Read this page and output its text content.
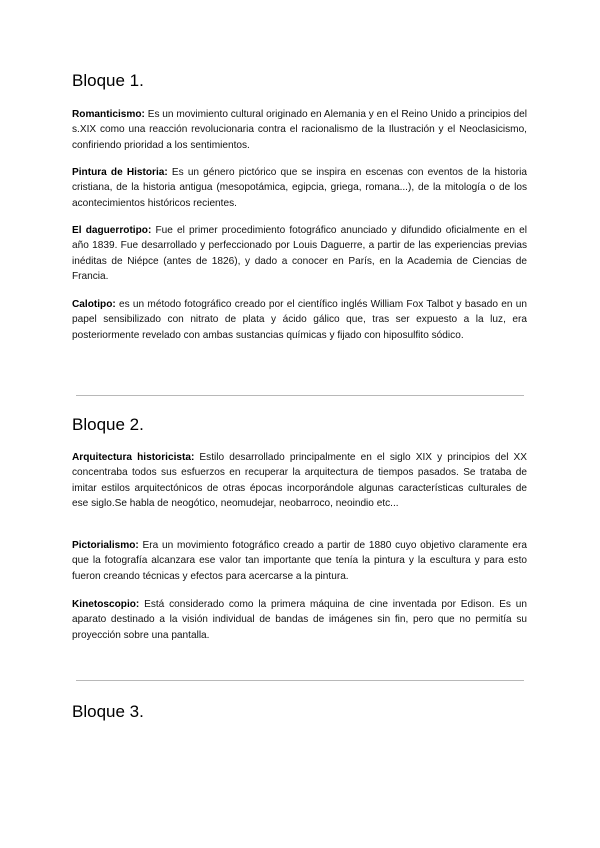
Bloque 1.

Romanticismo: Es un movimiento cultural originado en Alemania y en el Reino Unido a principios del s.XIX como una reacción revolucionaria contra el racionalismo de la Ilustración y el Neoclasicismo, confiriendo prioridad a los sentimientos.

Pintura de Historia: Es un género pictórico que se inspira en escenas con eventos de la historia cristiana, de la historia antigua (mesopotámica, egipcia, griega, romana...), de la mitología o de los acontecimientos históricos recientes.

El daguerrotipo: Fue el primer procedimiento fotográfico anunciado y difundido oficialmente en el año 1839. Fue desarrollado y perfeccionado por Louis Daguerre, a partir de las experiencias previas inéditas de Niépce (antes de 1826), y dado a conocer en París, en la Academia de Ciencias de Francia.

Calotipo: es un método fotográfico creado por el científico inglés William Fox Talbot y basado en un papel sensibilizado con nitrato de plata y ácido gálico que, tras ser expuesto a la luz, era posteriormente revelado con ambas sustancias químicas y fijado con hiposulfito sódico.

Bloque 2.

Arquitectura historicista: Estilo desarrollado principalmente en el siglo XIX y principios del XX concentraba todos sus esfuerzos en recuperar la arquitectura de tiempos pasados. Se trataba de imitar estilos arquitectónicos de otras épocas incorporándole algunas características culturales de ese siglo.Se habla de neogótico, neomudejar, neobarroco, neoindio etc...

Pictorialismo: Era un movimiento fotográfico creado a partir de 1880 cuyo objetivo claramente era que la fotografía alcanzara ese valor tan importante que tenía la pintura y la escultura y para esto fueron creando técnicas y efectos para acercarse a la pintura.

Kinetoscopio: Está considerado como la primera máquina de cine inventada por Edison. Es un aparato destinado a la visión individual de bandas de imágenes sin fin, pero que no permitía su proyección sobre una pantalla.

Bloque 3.
